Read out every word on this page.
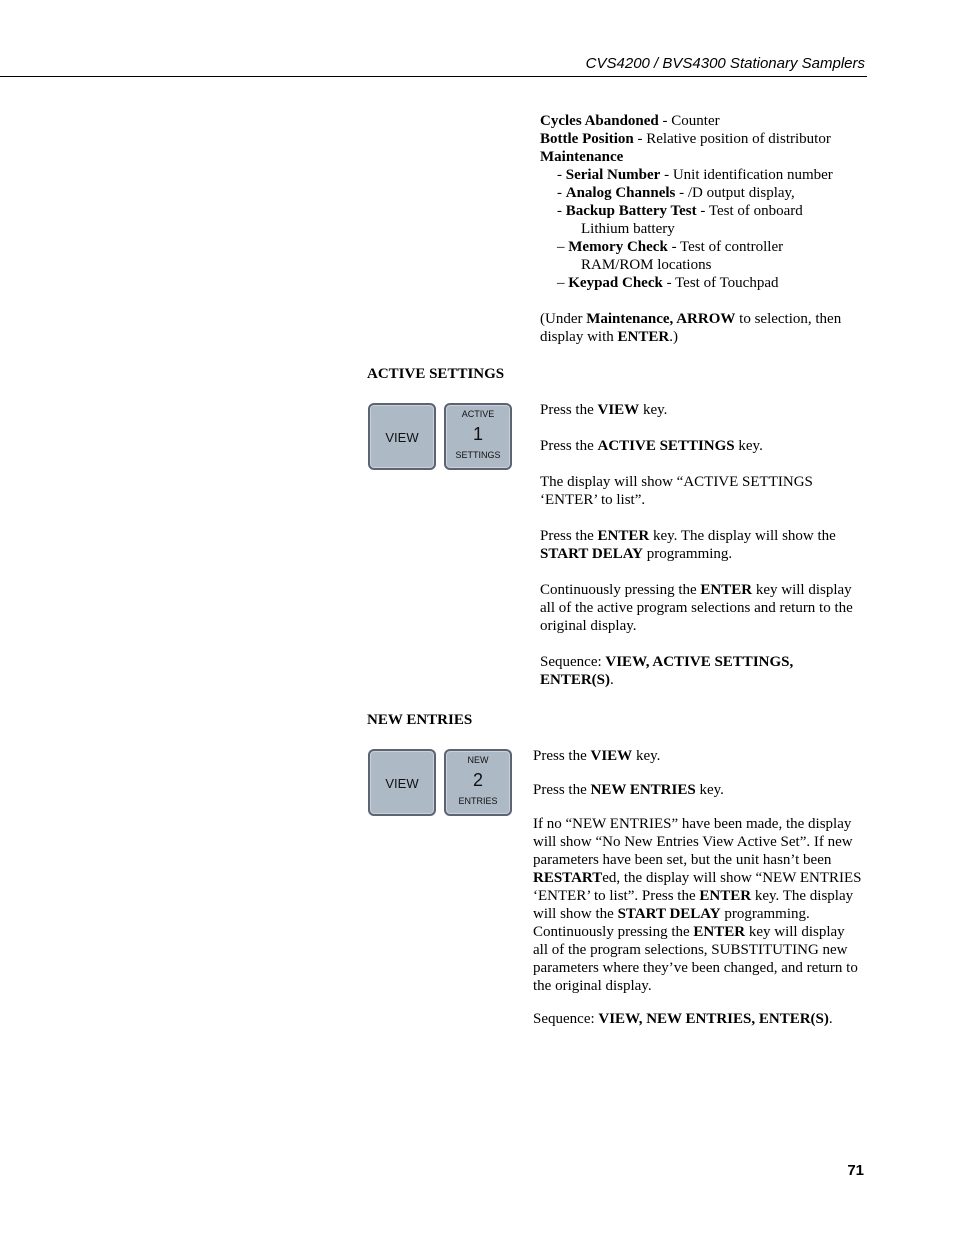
CVS4200 / BVS4300 Stationary Samplers

Cycles Abandoned - Counter

Bottle Position - Relative position of distributor

Maintenance

- Serial Number - Unit identification number

- Analog Channels - /D output display,

- Backup Battery Test - Test of onboard

Lithium battery

– Memory Check - Test of controller

RAM/ROM locations

– Keypad Check - Test of Touchpad

(Under Maintenance, ARROW to selection, then display with ENTER.)

ACTIVE SETTINGS
VIEW
ACTIVE
1
SETTINGS

Press the VIEW key.

Press the ACTIVE SETTINGS key.

The display will show “ACTIVE SETTINGS ‘ENTER’ to list”.

Press the ENTER key. The display will show the START DELAY programming.

Continuously pressing the ENTER key will display all of the active program selections and return to the original display.

Sequence: VIEW, ACTIVE SETTINGS, ENTER(S).

NEW ENTRIES
VIEW
NEW
2
ENTRIES

Press the VIEW key.

Press the NEW ENTRIES key.

If no “NEW ENTRIES” have been made, the display will show “No New Entries View Active Set”. If new parameters have been set, but the unit hasn’t been RESTARTed, the display will show “NEW ENTRIES ‘ENTER’ to list”. Press the ENTER key. The display will show the START DELAY programming. Continuously pressing the ENTER key will display all of the program selections, SUBSTITUTING new parameters where they’ve been changed, and return to the original display.

Sequence: VIEW, NEW ENTRIES, ENTER(S).

71
